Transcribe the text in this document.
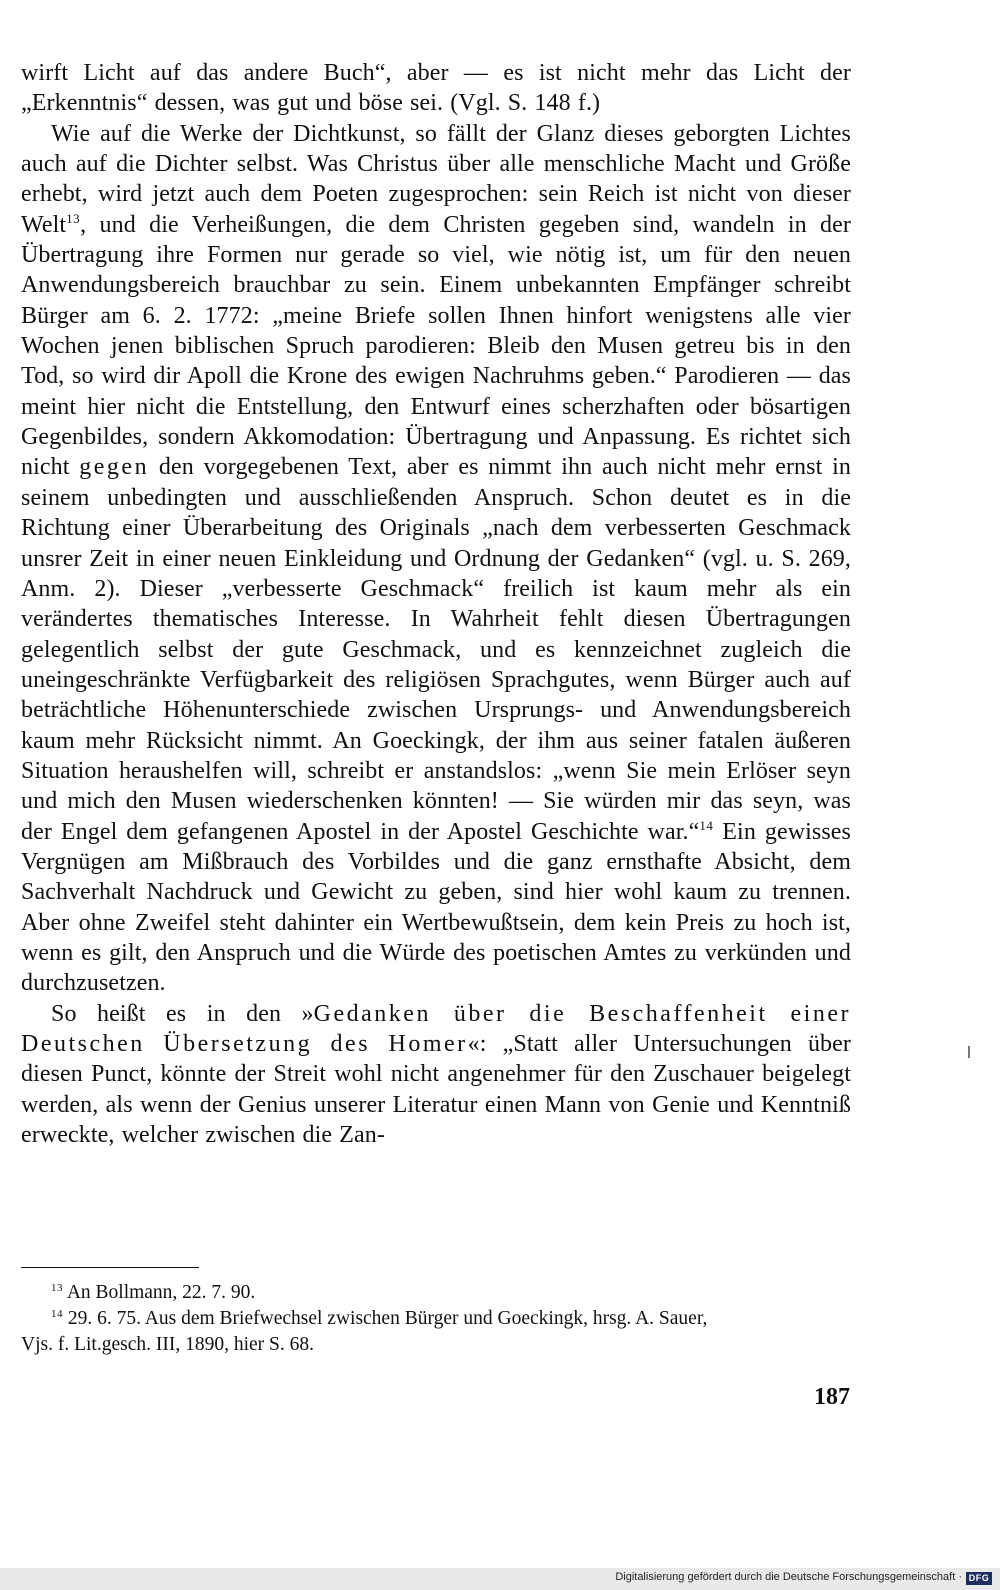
wirft Licht auf das andere Buch“, aber — es ist nicht mehr das Licht der „Erkenntnis“ dessen, was gut und böse sei. (Vgl. S. 148 f.)

Wie auf die Werke der Dichtkunst, so fällt der Glanz dieses geborgten Lichtes auch auf die Dichter selbst. Was Christus über alle menschliche Macht und Größe erhebt, wird jetzt auch dem Poeten zugesprochen: sein Reich ist nicht von dieser Welt$^{13}$, und die Verheißungen, die dem Christen gegeben sind, wandeln in der Übertragung ihre Formen nur gerade so viel, wie nötig ist, um für den neuen Anwendungsbereich brauchbar zu sein. Einem unbekannten Empfänger schreibt Bürger am 6. 2. 1772: „meine Briefe sollen Ihnen hinfort wenigstens alle vier Wochen jenen biblischen Spruch parodieren: Bleib den Musen getreu bis in den Tod, so wird dir Apoll die Krone des ewigen Nachruhms geben.“ Parodieren — das meint hier nicht die Entstellung, den Entwurf eines scherzhaften oder bösartigen Gegenbildes, sondern Akkomodation: Übertragung und Anpassung. Es richtet sich nicht gegen den vorgegebenen Text, aber es nimmt ihn auch nicht mehr ernst in seinem unbedingten und ausschließenden Anspruch. Schon deutet es in die Richtung einer Überarbeitung des Originals „nach dem verbesserten Geschmack unsrer Zeit in einer neuen Einkleidung und Ordnung der Gedanken“ (vgl. u. S. 269, Anm. 2). Dieser „verbesserte Geschmack“ freilich ist kaum mehr als ein verändertes thematisches Interesse. In Wahrheit fehlt diesen Übertragungen gelegentlich selbst der gute Geschmack, und es kennzeichnet zugleich die uneingeschränkte Verfügbarkeit des religiösen Sprachgutes, wenn Bürger auch auf beträchtliche Höhenunterschiede zwischen Ursprungs- und Anwendungsbereich kaum mehr Rücksicht nimmt. An Goeckingk, der ihm aus seiner fatalen äußeren Situation heraushelfen will, schreibt er anstandslos: „wenn Sie mein Erlöser seyn und mich den Musen wiederschenken könnten! — Sie würden mir das seyn, was der Engel dem gefangenen Apostel in der Apostel Geschichte war.“$^{14}$ Ein gewisses Vergnügen am Mißbrauch des Vorbildes und die ganz ernsthafte Absicht, dem Sachverhalt Nachdruck und Gewicht zu geben, sind hier wohl kaum zu trennen. Aber ohne Zweifel steht dahinter ein Wertbewußtsein, dem kein Preis zu hoch ist, wenn es gilt, den Anspruch und die Würde des poetischen Amtes zu verkünden und durchzusetzen.

So heißt es in den »Gedanken über die Beschaffenheit einer Deutschen Übersetzung des Homer«: „Statt aller Untersuchungen über diesen Punct, könnte der Streit wohl nicht angenehmer für den Zuschauer beigelegt werden, als wenn der Genius unserer Literatur einen Mann von Genie und Kenntniß erweckte, welcher zwischen die Zan-

$^{13}$ An Bollmann, 22. 7. 90.

$^{14}$ 29. 6. 75. Aus dem Briefwechsel zwischen Bürger und Goeckingk, hrsg. A. Sauer,
Vjs. f. Lit.gesch. III, 1890, hier S. 68.

187
Digitalisierung gefördert durch die Deutsche Forschungsgemeinschaft · DFG
